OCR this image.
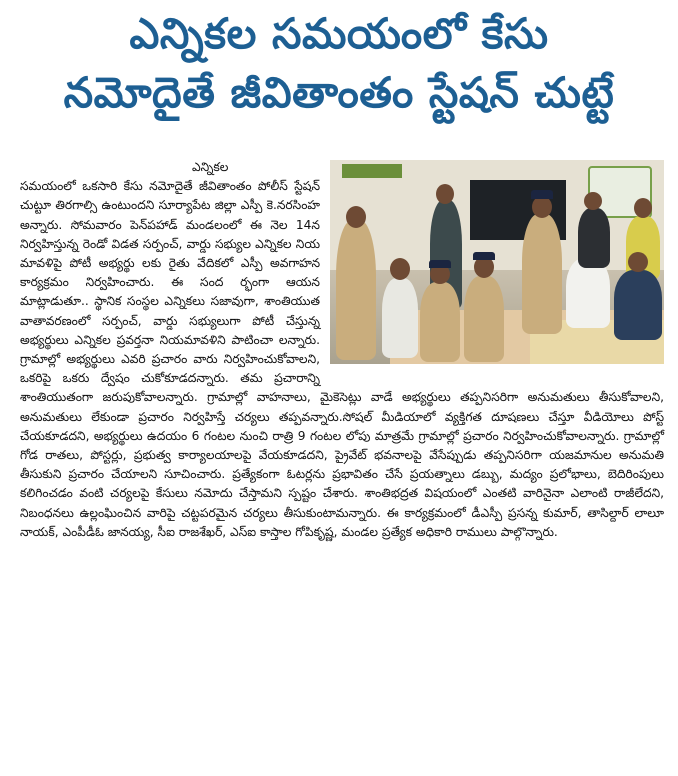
ఎన్నికల సమయంలో కేసు
నమోదైతే జీవితాంతం స్టేషన్ చుట్టే

ఎన్నికల
సమయంలో ఒకసారి కేసు నమోదైతే జీవితాంతం పోలీస్ స్టేషన్ చుట్టూ తిరగాల్సి ఉంటుందని సూర్యాపేట జిల్లా ఎస్పీ కె.నరసింహ అన్నారు. సోమవారం పెన్‌పహాడ్ మండలంలో ఈ నెల 14న నిర్వహిస్తున్న రెండో విడత సర్పంచ్, వార్డు సభ్యుల ఎన్నికల నియ మావళిపై పోటీ అభ్యర్థు లకు రైతు వేదికలో ఎస్పీ అవగాహన కార్యక్రమం నిర్వహించారు. ఈ సంద ర్భంగా ఆయన మాట్లాడుతూ.. స్థానిక సంస్థల ఎన్నికలు సజావుగా, శాంతియుత వాతావరణంలో సర్పంచ్, వార్డు సభ్యులుగా పోటీ చేస్తున్న అభ్యర్థులు ఎన్నికల ప్రవర్తనా నియమావళిని పాటించా లన్నారు. గ్రామాల్లో అభ్యర్థులు ఎవరి ప్రచారం వారు నిర్వహించుకోవాలని, ఒకరిపై ఒకరు ద్వేషం చుకోకూడదన్నారు. తమ ప్రచారాన్ని శాంతియుతంగా జరుపుకోవాలన్నారు. గ్రామాల్లో వాహనాలు, మైకెసెట్లు వాడే అభ్యర్థులు తప్పనిసరిగా అనుమతులు తీసుకోవాలని, అనుమతులు లేకుండా ప్రచారం నిర్వహిస్తే చర్యలు తప్పవన్నారు.సోషల్ మీడియాలో వ్యక్తిగత దూషణలు చేస్తూ వీడియోలు పోస్ట్ చేయకూడదని, అభ్యర్థులు ఉదయం 6 గంటల నుంచి రాత్రి 9 గంటల లోపు మాత్రమే గ్రామాల్లో ప్రచారం నిర్వహించుకోవాలన్నారు. గ్రామాల్లో గోడ రాతలు, పోస్టర్లు, ప్రభుత్వ కార్యాలయాలపై వేయకూడదని, ప్రైవేట్ భవనాలపై వేసేప్పుడు తప్పనిసరిగా యజమానుల అనుమతి తీసుకుని ప్రచారం చేయాలని సూచించారు. ప్రత్యేకంగా ఓటర్లను ప్రభావితం చేసే ప్రయత్నాలు డబ్బు, మద్యం ప్రలోభాలు, బెదిరింపులు కలిగించడం వంటి చర్యలపై కేసులు నమోదు చేస్తామని స్పష్టం చేశారు. శాంతిభద్రత విషయంలో ఎంతటి వారినైనా ఎలాంటి రాజీలేదని, నిబంధనలు ఉల్లంఘించిన వారిపై చట్టపరమైన చర్యలు తీసుకుంటామన్నారు. ఈ కార్యక్రమంలో డీఎస్పీ ప్రసన్న కుమార్, తాసిల్దార్ లాలూ నాయక్, ఎంపీడీఓ జానయ్య, సీఐ రాజశేఖర్, ఎస్ఐ కాస్తాల గోపికృష్ణ, మండల ప్రత్యేక అధికారి రాములు పాల్గొన్నారు.
